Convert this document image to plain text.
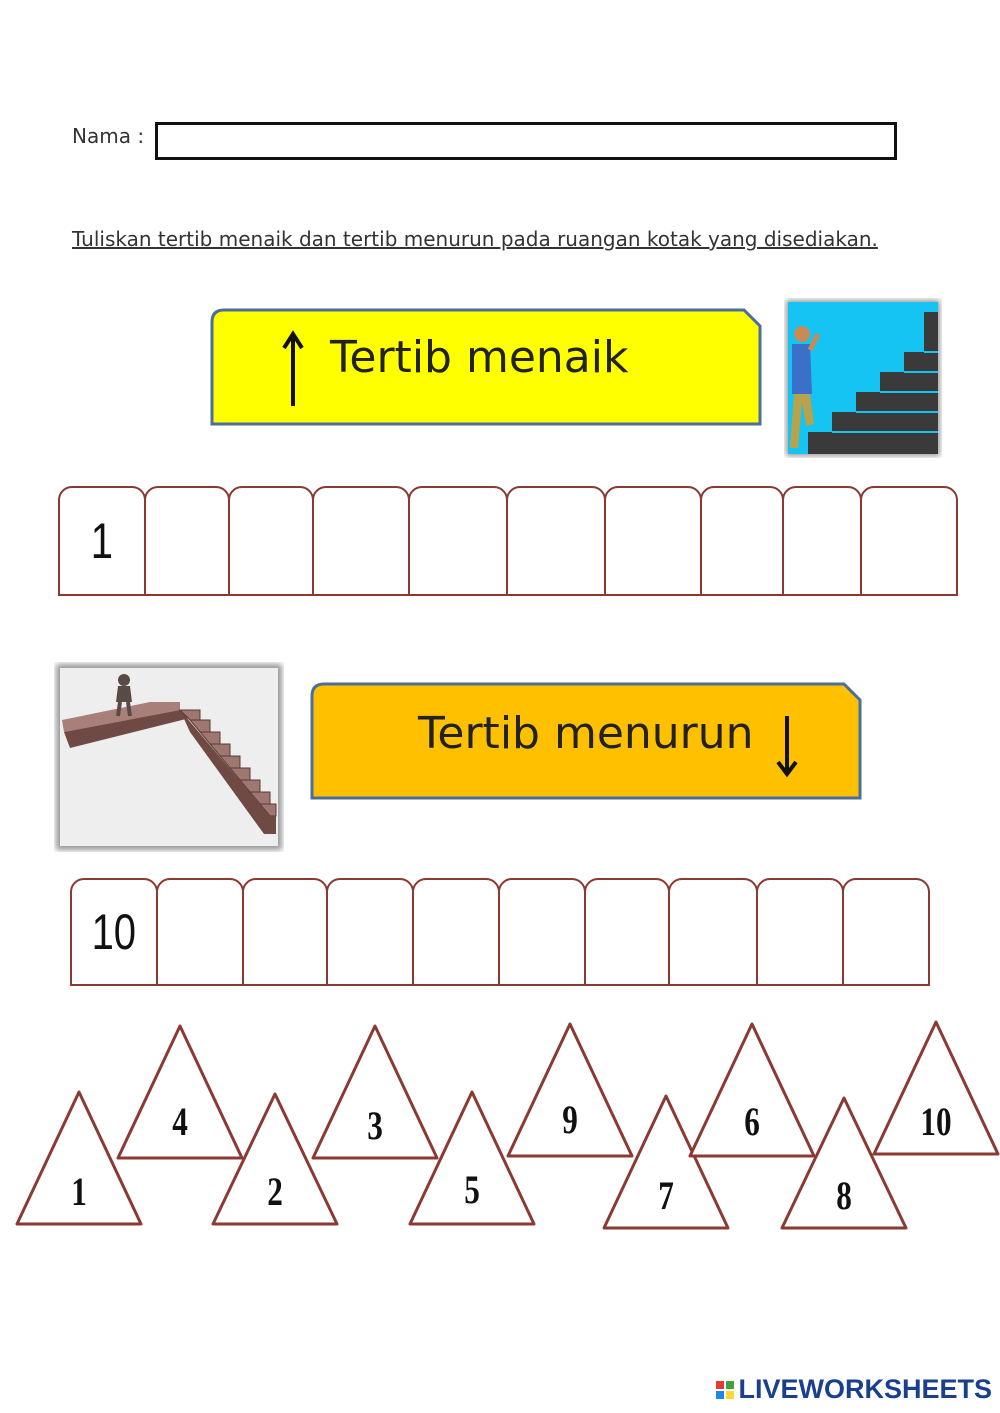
Nama :
Tuliskan tertib menaik dan tertib menurun pada ruangan kotak yang disediakan.
Tertib menaik
1
Tertib menurun
10
1
4
2
3
5
9
7
6
8
10
LIVEWORKSHEETS
